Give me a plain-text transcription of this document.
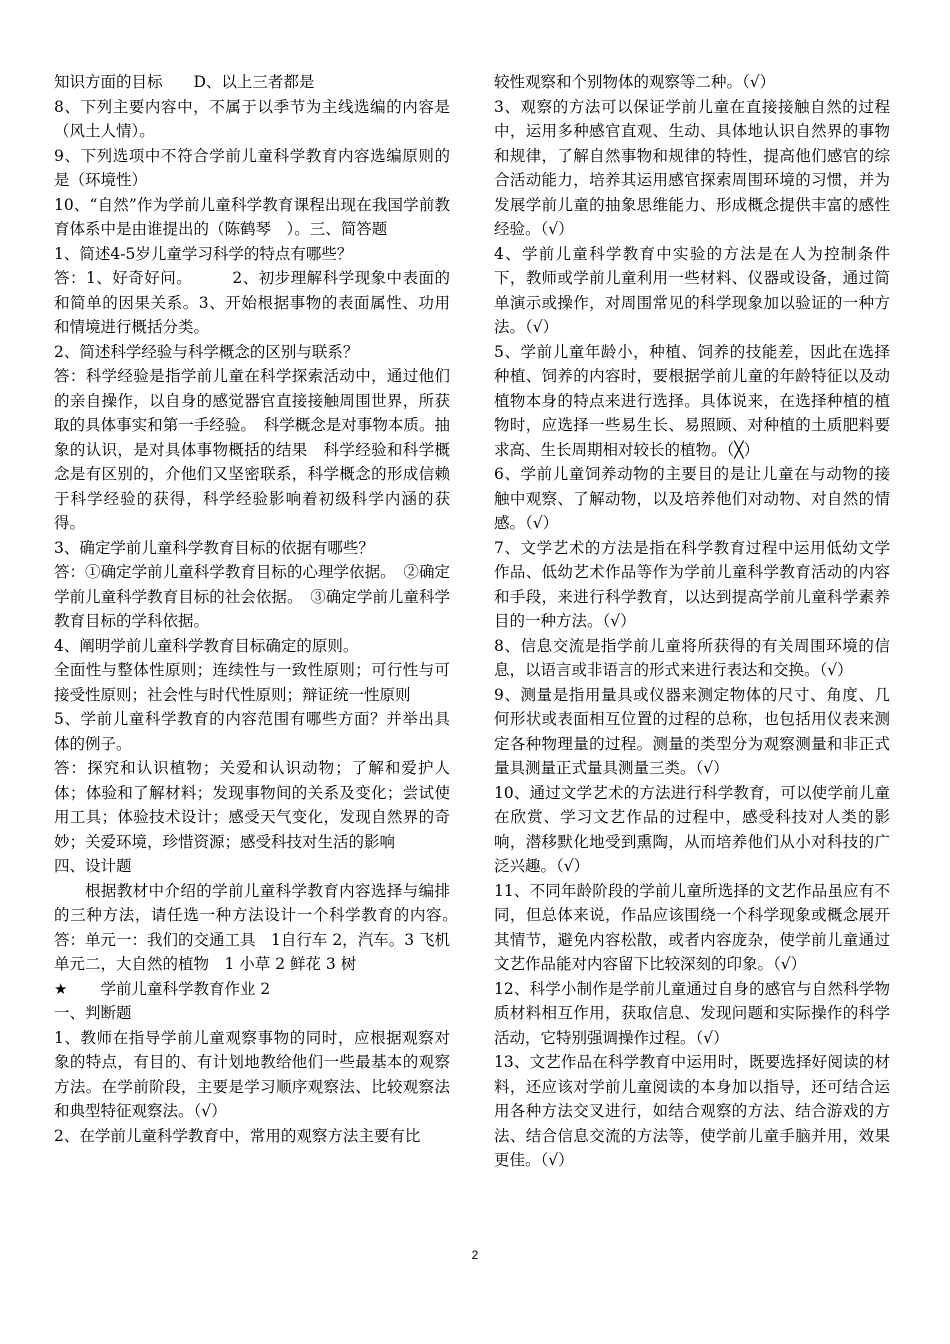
知识方面的目标　　D、以上三者都是

8、下列主要内容中，不属于以季节为主线选编的内容是（风土人情）。

9、下列选项中不符合学前儿童科学教育内容选编原则的是（环境性）

10、“自然”作为学前儿童科学教育课程出现在我国学前教育体系中是由谁提出的（陈鹤琴　）。三、简答题

1、简述4-5岁儿童学习科学的特点有哪些？

答：1、好奇好问。　　　2、初步理解科学现象中表面的和简单的因果关系。3、开始根据事物的表面属性、功用和情境进行概括分类。

2、简述科学经验与科学概念的区别与联系？

答：科学经验是指学前儿童在科学探索活动中，通过他们的亲自操作，以自身的感觉器官直接接触周围世界，所获取的具体事实和第一手经验。　科学概念是对事物本质。抽象的认识，是对具体事物概括的结果　科学经验和科学概念是有区别的，介他们又坚密联系，科学概念的形成信赖于科学经验的获得，科学经验影响着初级科学内涵的获得。

3、确定学前儿童科学教育目标的依据有哪些？

答：①确定学前儿童科学教育目标的心理学依据。　②确定学前儿童科学教育目标的社会依据。　③确定学前儿童科学教育目标的学科依据。

4、阐明学前儿童科学教育目标确定的原则。

全面性与整体性原则；连续性与一致性原则；可行性与可接受性原则；社会性与时代性原则；辩证统一性原则

5、学前儿童科学教育的内容范围有哪些方面？并举出具体的例子。

答：探究和认识植物；关爱和认识动物；了解和爱护人体；体验和了解材料；发现事物间的关系及变化；尝试使用工具；体验技术设计；感受天气变化，发现自然界的奇妙；关爱环境，珍惜资源；感受科技对生活的影响

四、设计题

根据教材中介绍的学前儿童科学教育内容选择与编排的三种方法，请任选一种方法设计一个科学教育的内容。　　答：单元一：我们的交通工具　1自行车 2，汽车。3 飞机　　单元二，大自然的植物　1 小草 2 鲜花 3 树

★ 学前儿童科学教育作业 2

一、判断题

1、教师在指导学前儿童观察事物的同时，应根据观察对象的特点，有目的、有计划地教给他们一些最基本的观察方法。在学前阶段，主要是学习顺序观察法、比较观察法和典型特征观察法。（√）

2、在学前儿童科学教育中，常用的观察方法主要有比

较性观察和个别物体的观察等二种。（√）

3、观察的方法可以保证学前儿童在直接接触自然的过程中，运用多种感官直观、生动、具体地认识自然界的事物和规律，了解自然事物和规律的特性，提高他们感官的综合活动能力，培养其运用感官探索周围环境的习惯，并为发展学前儿童的抽象思维能力、形成概念提供丰富的感性经验。（√）

4、学前儿童科学教育中实验的方法是在人为控制条件下，教师或学前儿童利用一些材料、仪器或设备，通过简单演示或操作，对周围常见的科学现象加以验证的一种方法。（√）

5、学前儿童年龄小，种植、饲养的技能差，因此在选择种植、饲养的内容时，要根据学前儿童的年龄特征以及动植物本身的特点来进行选择。具体说来，在选择种植的植物时，应选择一些易生长、易照顾、对种植的土质肥料要求高、生长周期相对较长的植物。（╳）

6、学前儿童饲养动物的主要目的是让儿童在与动物的接触中观察、了解动物，以及培养他们对动物、对自然的情感。（√）

7、文学艺术的方法是指在科学教育过程中运用低幼文学作品、低幼艺术作品等作为学前儿童科学教育活动的内容和手段，来进行科学教育，以达到提高学前儿童科学素养目的一种方法。（√）

8、信息交流是指学前儿童将所获得的有关周围环境的信息，以语言或非语言的形式来进行表达和交换。（√）

9、测量是指用量具或仪器来测定物体的尺寸、角度、几何形状或表面相互位置的过程的总称，也包括用仪表来测定各种物理量的过程。测量的类型分为观察测量和非正式量具测量正式量具测量三类。（√）

10、通过文学艺术的方法进行科学教育，可以使学前儿童在欣赏、学习文艺作品的过程中，感受科技对人类的影响，潜移默化地受到熏陶，从而培养他们从小对科技的广泛兴趣。（√）

11、不同年龄阶段的学前儿童所选择的文艺作品虽应有不同，但总体来说，作品应该围绕一个科学现象或概念展开其情节，避免内容松散，或者内容庞杂，使学前儿童通过文艺作品能对内容留下比较深刻的印象。（√）

12、科学小制作是学前儿童通过自身的感官与自然科学物质材料相互作用，获取信息、发现问题和实际操作的科学活动，它特别强调操作过程。（√）

13、文艺作品在科学教育中运用时，既要选择好阅读的材料，还应该对学前儿童阅读的本身加以指导，还可结合运用各种方法交叉进行，如结合观察的方法、结合游戏的方法、结合信息交流的方法等，使学前儿童手脑并用，效果更佳。（√）

2
